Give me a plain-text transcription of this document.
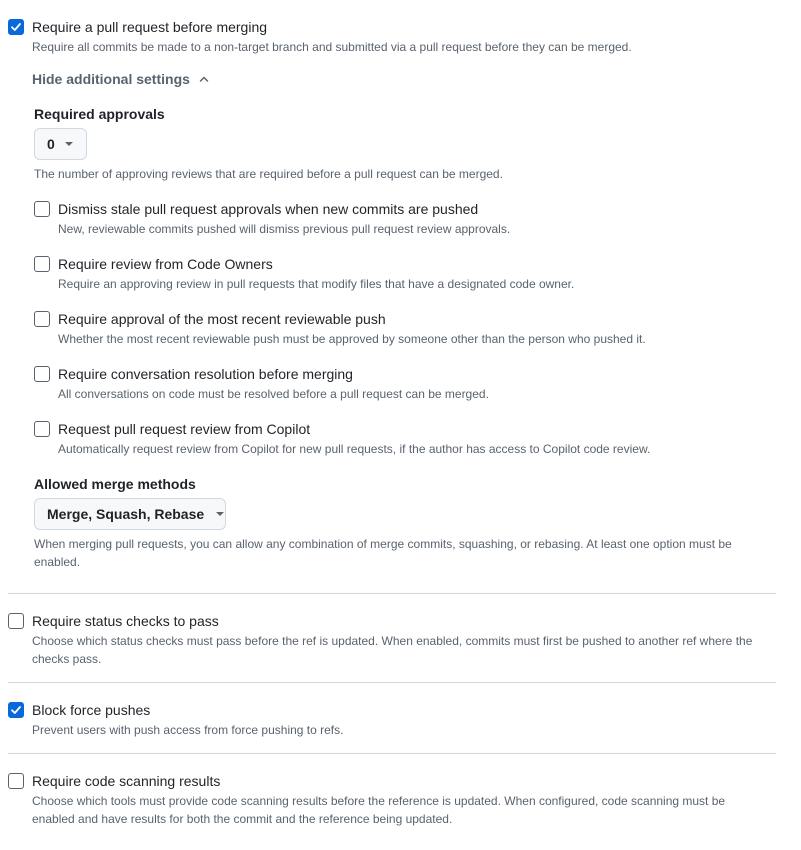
Require a pull request before merging
Require all commits be made to a non-target branch and submitted via a pull request before they can be merged.
Hide additional settings
Required approvals
0
The number of approving reviews that are required before a pull request can be merged.
Dismiss stale pull request approvals when new commits are pushed
New, reviewable commits pushed will dismiss previous pull request review approvals.
Require review from Code Owners
Require an approving review in pull requests that modify files that have a designated code owner.
Require approval of the most recent reviewable push
Whether the most recent reviewable push must be approved by someone other than the person who pushed it.
Require conversation resolution before merging
All conversations on code must be resolved before a pull request can be merged.
Request pull request review from Copilot
Automatically request review from Copilot for new pull requests, if the author has access to Copilot code review.
Allowed merge methods
Merge, Squash, Rebase
When merging pull requests, you can allow any combination of merge commits, squashing, or rebasing. At least one option must be enabled.
Require status checks to pass
Choose which status checks must pass before the ref is updated. When enabled, commits must first be pushed to another ref where the checks pass.
Block force pushes
Prevent users with push access from force pushing to refs.
Require code scanning results
Choose which tools must provide code scanning results before the reference is updated. When configured, code scanning must be enabled and have results for both the commit and the reference being updated.
